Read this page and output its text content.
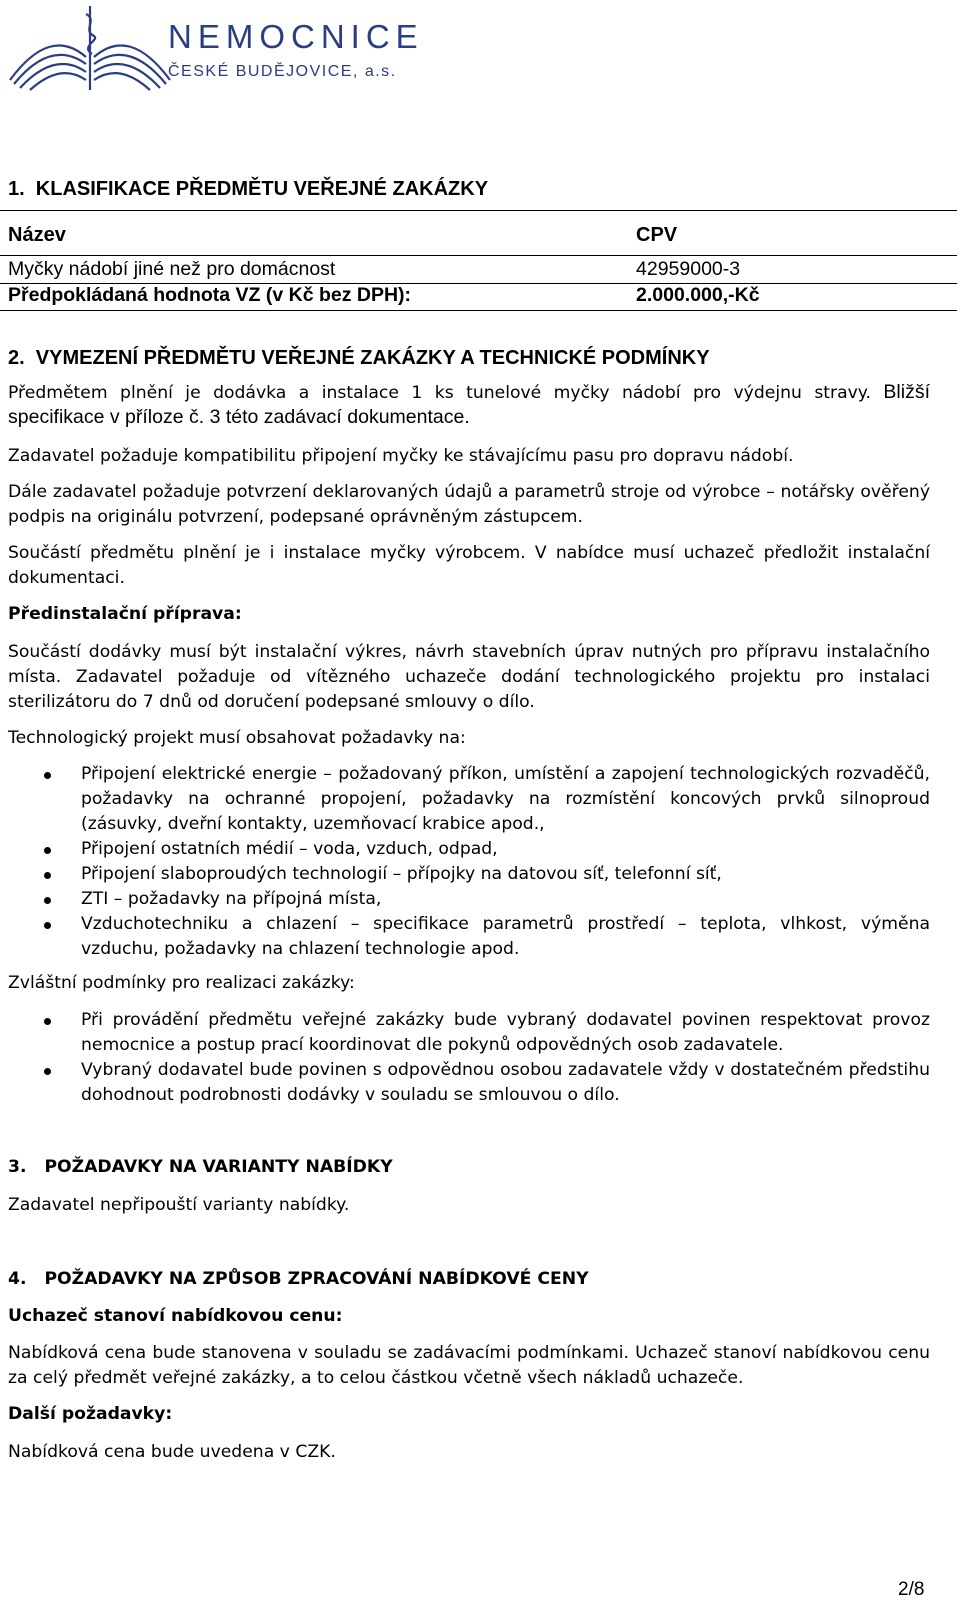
NEMOCNICE
ČESKÉ BUDĚJOVICE, a.s.
1.  KLASIFIKACE PŘEDMĚTU VEŘEJNÉ ZAKÁZKY
Název	CPV
Myčky nádobí jiné než pro domácnost	42959000-3
Předpokládaná hodnota VZ (v Kč bez DPH):	2.000.000,-Kč
2.  VYMEZENÍ PŘEDMĚTU VEŘEJNÉ ZAKÁZKY A TECHNICKÉ PODMÍNKY
Předmětem plnění je dodávka a instalace 1 ks tunelové myčky nádobí pro výdejnu stravy. Bližší specifikace v příloze č. 3 této zadávací dokumentace.
Zadavatel požaduje kompatibilitu připojení myčky ke stávajícímu pasu pro dopravu nádobí.
Dále zadavatel požaduje potvrzení deklarovaných údajů a parametrů stroje od výrobce – notářsky ověřený podpis na originálu potvrzení, podepsané oprávněným zástupcem.
Součástí předmětu plnění je i instalace myčky výrobcem. V nabídce musí uchazeč předložit instalační dokumentaci.
Předinstalační příprava:
Součástí dodávky musí být instalační výkres, návrh stavebních úprav nutných pro přípravu instalačního místa. Zadavatel požaduje od vítězného uchazeče dodání technologického projektu pro instalaci sterilizátoru do 7 dnů od doručení podepsané smlouvy o dílo.
Technologický projekt musí obsahovat požadavky na:
Připojení elektrické energie – požadovaný příkon, umístění a zapojení technologických rozvaděčů, požadavky na ochranné propojení, požadavky na rozmístění koncových prvků silnoproud (zásuvky, dveřní kontakty, uzemňovací krabice apod.,
Připojení ostatních médií – voda, vzduch, odpad,
Připojení slaboproudých technologií – přípojky na datovou síť, telefonní síť,
ZTI – požadavky na přípojná místa,
Vzduchotechniku a chlazení – specifikace parametrů prostředí – teplota, vlhkost, výměna vzduchu, požadavky na chlazení technologie apod.
Zvláštní podmínky pro realizaci zakázky:
Při provádění předmětu veřejné zakázky bude vybraný dodavatel povinen respektovat provoz nemocnice a postup prací koordinovat dle pokynů odpovědných osob zadavatele.
Vybraný dodavatel bude povinen s odpovědnou osobou zadavatele vždy v dostatečném předstihu dohodnout podrobnosti dodávky v souladu se smlouvou o dílo.
3.   POŽADAVKY NA VARIANTY NABÍDKY
Zadavatel nepřipouští varianty nabídky.
4.   POŽADAVKY NA ZPŮSOB ZPRACOVÁNÍ NABÍDKOVÉ CENY
Uchazeč stanoví nabídkovou cenu:
Nabídková cena bude stanovena v souladu se zadávacími podmínkami. Uchazeč stanoví nabídkovou cenu za celý předmět veřejné zakázky, a to celou částkou včetně všech nákladů uchazeče.
Další požadavky:
Nabídková cena bude uvedena v CZK.
2/8
